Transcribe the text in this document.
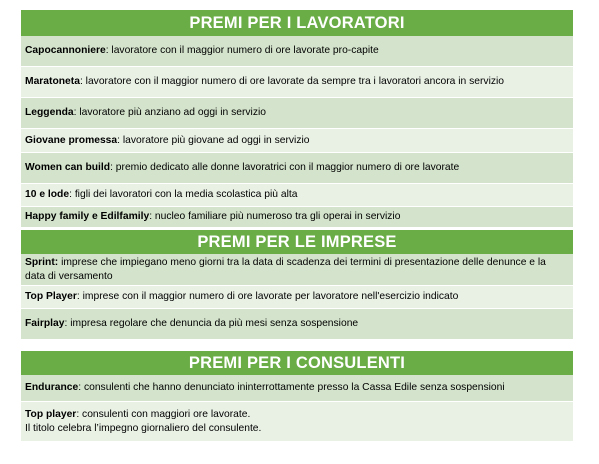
PREMI PER I LAVORATORI
Capocannoniere: lavoratore con il maggior numero di ore lavorate pro-capite
Maratoneta: lavoratore con il maggior numero di ore lavorate da sempre tra i lavoratori ancora in servizio
Leggenda: lavoratore più anziano ad oggi in servizio
Giovane promessa: lavoratore più giovane ad oggi in servizio
Women can build: premio dedicato alle donne lavoratrici con il maggior numero di ore lavorate
10 e lode: figli dei lavoratori con la media scolastica più alta
Happy family e Edilfamily: nucleo familiare più numeroso tra gli operai in servizio
PREMI PER LE IMPRESE
Sprint: imprese che impiegano meno giorni tra la data di scadenza dei termini di presentazione delle denunce e la data di versamento
Top Player: imprese con il maggior numero di ore lavorate per lavoratore nell'esercizio indicato
Fairplay: impresa regolare che denuncia da più mesi senza sospensione
PREMI PER I CONSULENTI
Endurance: consulenti che hanno denunciato ininterrottamente presso la Cassa Edile senza sospensioni
Top player: consulenti con maggiori ore lavorate.
Il titolo celebra l’impegno giornaliero del consulente.
